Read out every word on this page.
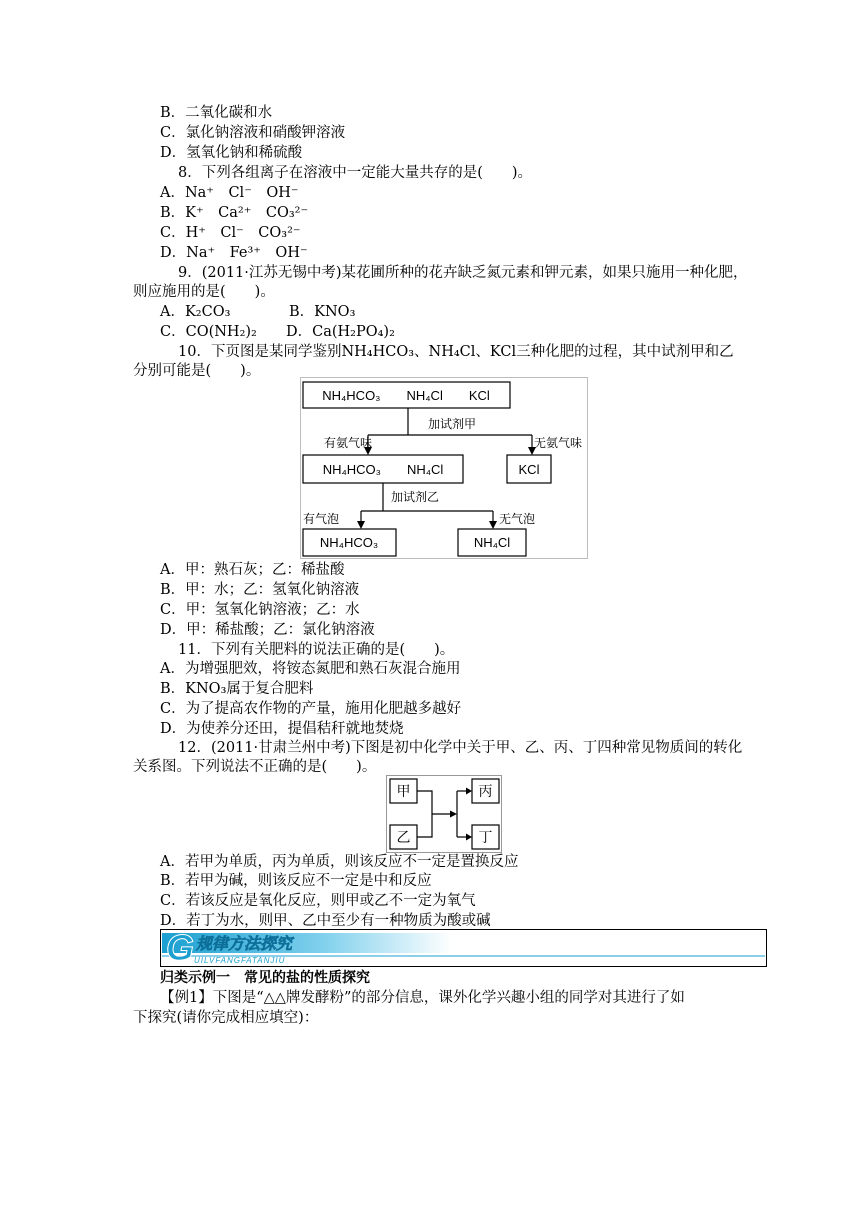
B．二氧化碳和水
C．氯化钠溶液和硝酸钾溶液
D．氢氧化钠和稀硫酸
8．下列各组离子在溶液中一定能大量共存的是(　　)。
A．Na⁺　Cl⁻　OH⁻
B．K⁺　Ca²⁺　CO₃²⁻
C．H⁺　Cl⁻　CO₃²⁻
D．Na⁺　Fe³⁺　OH⁻
9．(2011·江苏无锡中考)某花圃所种的花卉缺乏氮元素和钾元素，如果只施用一种化肥，
则应施用的是(　　)。
A．K₂CO₃	B．KNO₃
C．CO(NH₂)₂ D．Ca(H₂PO₄)₂
10．下页图是某同学鉴别NH₄HCO₃、NH₄Cl、KCl三种化肥的过程，其中试剂甲和乙
分别可能是(　　)。
NH₄HCO₃　　NH₄Cl　　KCl
加试剂甲
有氨气味	无氨气味
NH₄HCO₃　　NH₄Cl	KCl
加试剂乙
有气泡	无气泡
NH₄HCO₃	NH₄Cl
A．甲：熟石灰；乙：稀盐酸
B．甲：水；乙：氢氧化钠溶液
C．甲：氢氧化钠溶液；乙：水
D．甲：稀盐酸；乙：氯化钠溶液
11．下列有关肥料的说法正确的是(　　)。
A．为增强肥效，将铵态氮肥和熟石灰混合施用
B．KNO₃属于复合肥料
C．为了提高农作物的产量，施用化肥越多越好
D．为使养分还田，提倡秸秆就地焚烧
12．(2011·甘肃兰州中考)下图是初中化学中关于甲、乙、丙、丁四种常见物质间的转化
关系图。下列说法不正确的是(　　)。
甲
乙
丙
丁
A．若甲为单质，丙为单质，则该反应不一定是置换反应
B．若甲为碱，则该反应不一定是中和反应
C．若该反应是氧化反应，则甲或乙不一定为氧气
D．若丁为水，则甲、乙中至少有一种物质为酸或碱
G 规律方法探究
UILVFANGFATANJIU
归类示例一　常见的盐的性质探究
【例1】下图是“△△牌发酵粉”的部分信息，课外化学兴趣小组的同学对其进行了如
下探究(请你完成相应填空)：
